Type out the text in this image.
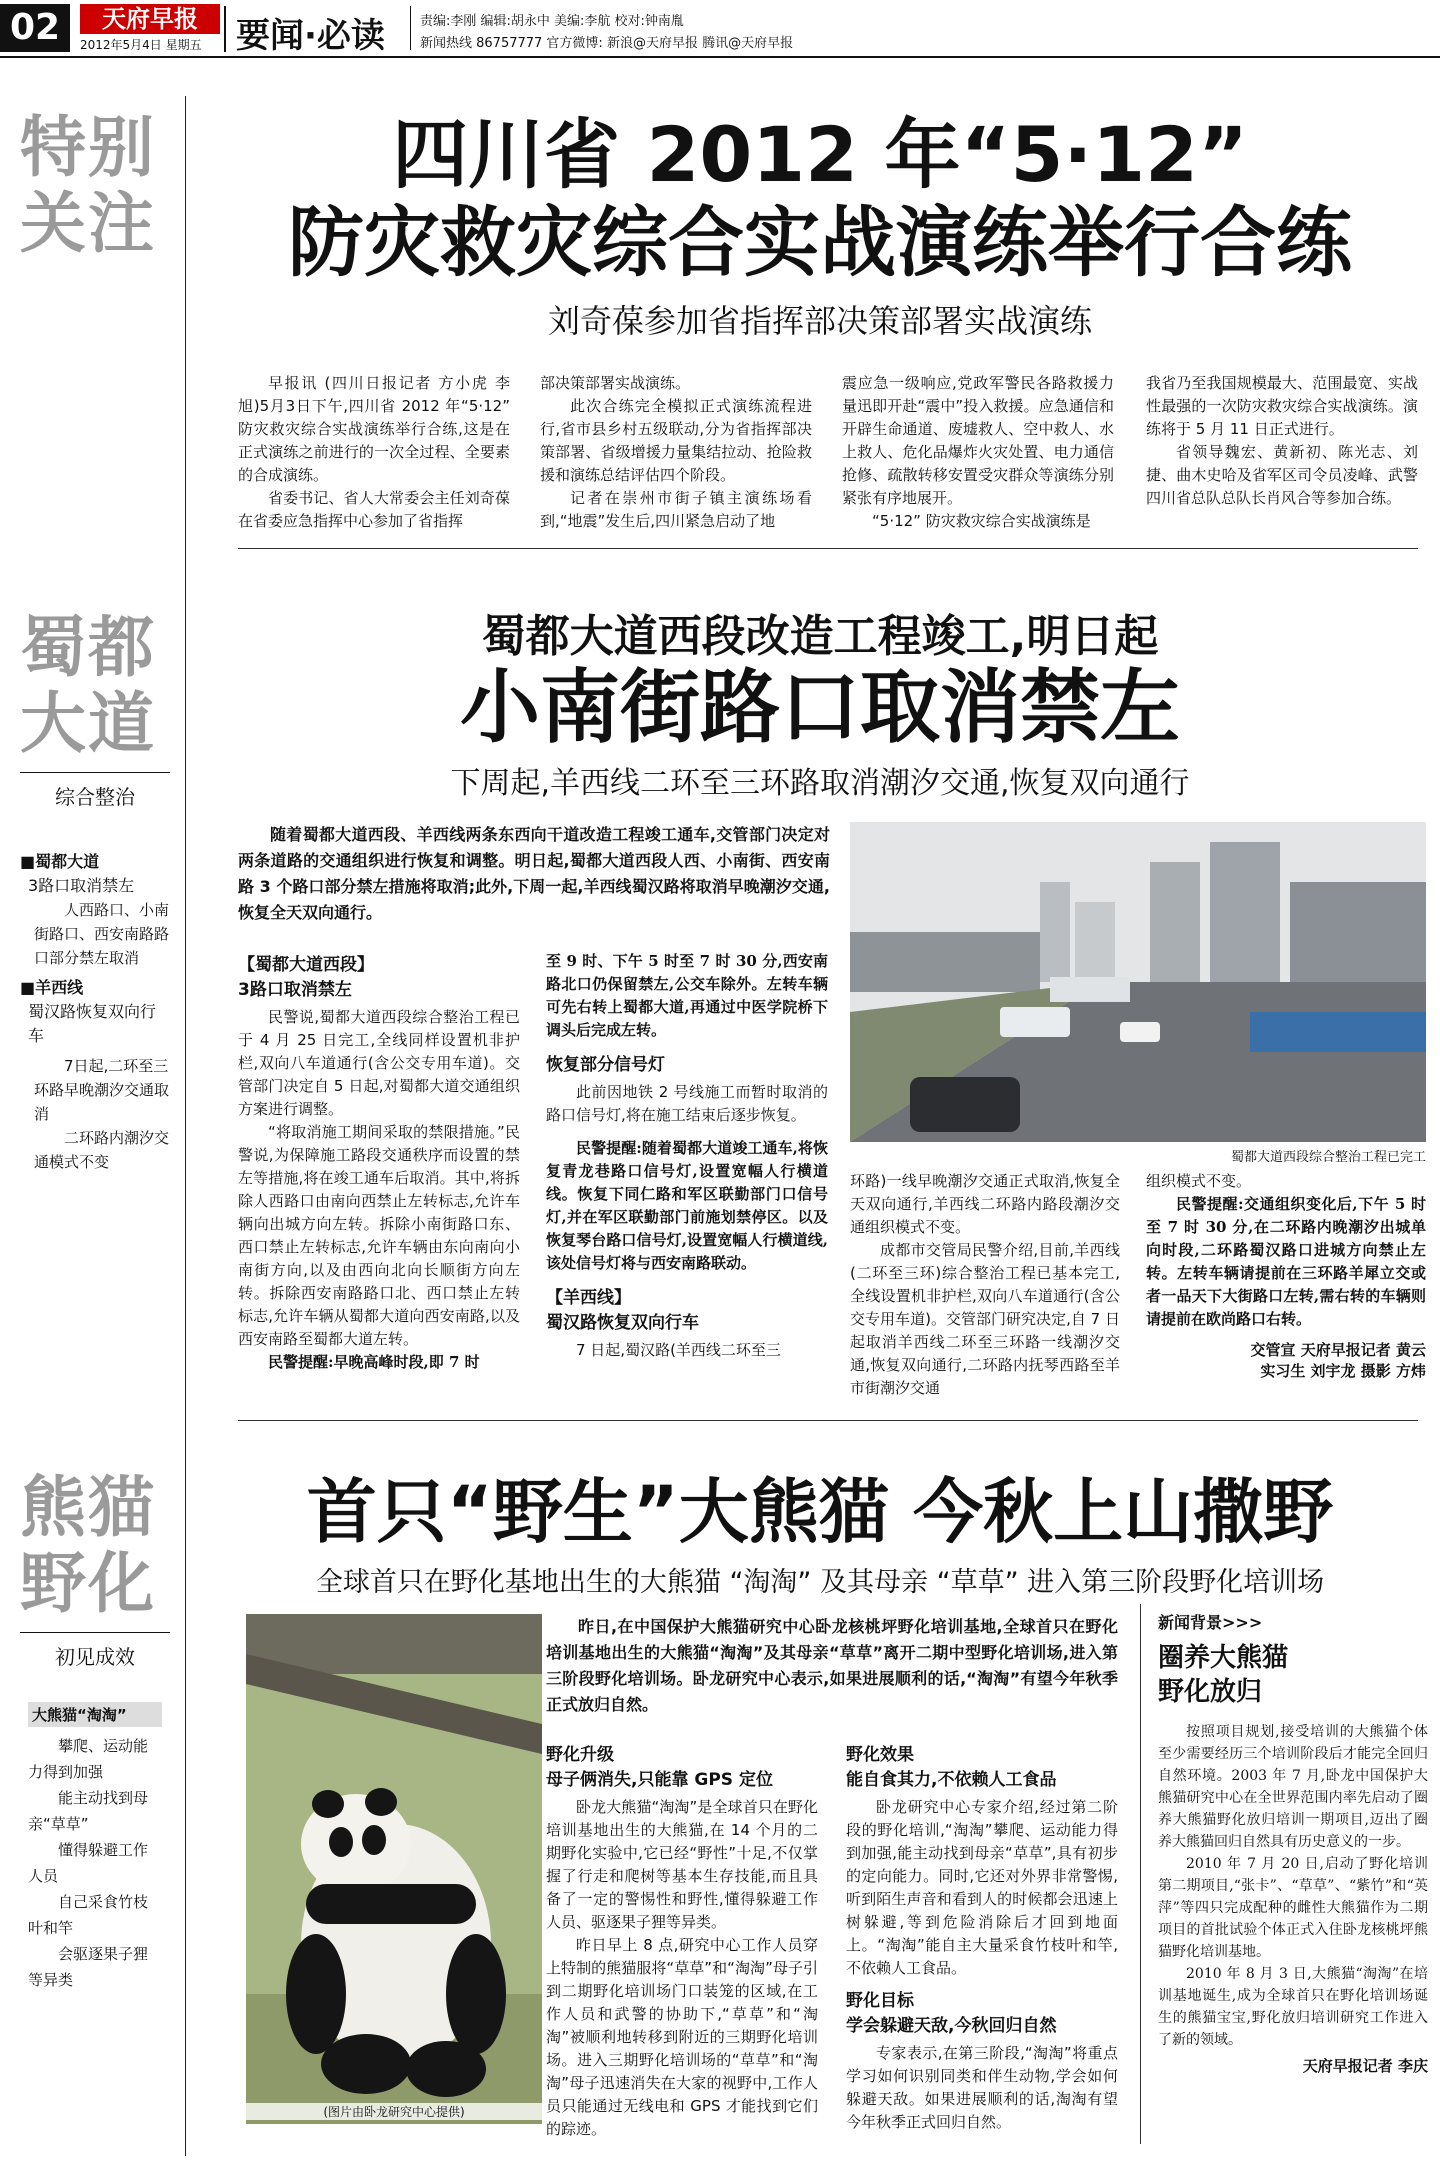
02	天府早报
2012年5月4日 星期五 要闻·必读	责编:李刚 编辑:胡永中 美编:李航 校对:钟南胤
新闻热线 86757777 官方微博: 新浪@天府早报 腾讯@天府早报
特别
关注
四川省 2012 年“5·12”
防灾救灾综合实战演练举行合练
刘奇葆参加省指挥部决策部署实战演练

早报讯 (四川日报记者 方小虎 李旭)5月3日下午,四川省 2012 年“5·12” 防灾救灾综合实战演练举行合练,这是在正式演练之前进行的一次全过程、全要素的合成演练。

省委书记、省人大常委会主任刘奇葆在省委应急指挥中心参加了省指挥

部决策部署实战演练。

此次合练完全模拟正式演练流程进行,省市县乡村五级联动,分为省指挥部决策部署、省级增援力量集结拉动、抢险救援和演练总结评估四个阶段。

记者在崇州市街子镇主演练场看到,“地震”发生后,四川紧急启动了地

震应急一级响应,党政军警民各路救援力量迅即开赴“震中”投入救援。应急通信和开辟生命通道、废墟救人、空中救人、水上救人、危化品爆炸火灾处置、电力通信抢修、疏散转移安置受灾群众等演练分别紧张有序地展开。

“5·12” 防灾救灾综合实战演练是

我省乃至我国规模最大、范围最宽、实战性最强的一次防灾救灾综合实战演练。演练将于 5 月 11 日正式进行。

省领导魏宏、黄新初、陈光志、刘捷、曲木史哈及省军区司令员凌峰、武警四川省总队总队长肖风合等参加合练。

蜀都
大道
综合整治
■蜀都大道
3路口取消禁左
人西路口、小南街路口、西安南路路口部分禁左取消
■羊西线
蜀汉路恢复双向行车
7日起,二环至三环路早晚潮汐交通取消
二环路内潮汐交通模式不变
蜀都大道西段改造工程竣工,明日起
小南街路口取消禁左
下周起,羊西线二环至三环路取消潮汐交通,恢复双向通行

随着蜀都大道西段、羊西线两条东西向干道改造工程竣工通车,交管部门决定对两条道路的交通组织进行恢复和调整。明日起,蜀都大道西段人西、小南街、西安南路 3 个路口部分禁左措施将取消;此外,下周一起,羊西线蜀汉路将取消早晚潮汐交通,恢复全天双向通行。

【蜀都大道西段】
3路口取消禁左

民警说,蜀都大道西段综合整治工程已于 4 月 25 日完工,全线同样设置机非护栏,双向八车道通行(含公交专用车道)。交管部门决定自 5 日起,对蜀都大道交通组织方案进行调整。

“将取消施工期间采取的禁限措施。”民警说,为保障施工路段交通秩序而设置的禁左等措施,将在竣工通车后取消。其中,将拆除人西路口由南向西禁止左转标志,允许车辆向出城方向左转。拆除小南街路口东、西口禁止左转标志,允许车辆由东向南向小南街方向,以及由西向北向长顺街方向左转。拆除西安南路路口北、西口禁止左转标志,允许车辆从蜀都大道向西安南路,以及西安南路至蜀都大道左转。

民警提醒:早晚高峰时段,即 7 时

至 9 时、下午 5 时至 7 时 30 分,西安南路北口仍保留禁左,公交车除外。左转车辆可先右转上蜀都大道,再通过中医学院桥下调头后完成左转。

恢复部分信号灯

此前因地铁 2 号线施工而暂时取消的路口信号灯,将在施工结束后逐步恢复。

民警提醒:随着蜀都大道竣工通车,将恢复青龙巷路口信号灯,设置宽幅人行横道线。恢复下同仁路和军区联勤部门口信号灯,并在军区联勤部门前施划禁停区。以及恢复琴台路口信号灯,设置宽幅人行横道线,该处信号灯将与西安南路联动。

【羊西线】
蜀汉路恢复双向行车

7 日起,蜀汉路(羊西线二环至三

蜀都大道西段综合整治工程已完工

环路)一线早晚潮汐交通正式取消,恢复全天双向通行,羊西线二环路内路段潮汐交通组织模式不变。

成都市交管局民警介绍,目前,羊西线(二环至三环)综合整治工程已基本完工,全线设置机非护栏,双向八车道通行(含公交专用车道)。交管部门研究决定,自 7 日起取消羊西线二环至三环路一线潮汐交通,恢复双向通行,二环路内抚琴西路至羊市街潮汐交通

组织模式不变。

民警提醒:交通组织变化后,下午 5 时至 7 时 30 分,在二环路内晚潮汐出城单向时段,二环路蜀汉路口进城方向禁止左转。左转车辆请提前在三环路羊犀立交或者一品天下大街路口左转,需右转的车辆则请提前在欧尚路口右转。

交管宣 天府早报记者 黄云
实习生 刘宇龙 摄影 方炜
熊猫
野化
初见成效
大熊猫“淘淘”
攀爬、运动能力得到加强
能主动找到母亲“草草”
懂得躲避工作人员
自己采食竹枝叶和竿
会驱逐果子狸等异类
首只“野生”大熊猫 今秋上山撒野
全球首只在野化基地出生的大熊猫 “淘淘” 及其母亲 “草草” 进入第三阶段野化培训场
(图片由卧龙研究中心提供)

昨日,在中国保护大熊猫研究中心卧龙核桃坪野化培训基地,全球首只在野化培训基地出生的大熊猫“淘淘”及其母亲“草草”离开二期中型野化培训场,进入第三阶段野化培训场。卧龙研究中心表示,如果进展顺利的话,“淘淘”有望今年秋季正式放归自然。

野化升级
母子俩消失,只能靠 GPS 定位

卧龙大熊猫“淘淘”是全球首只在野化培训基地出生的大熊猫,在 14 个月的二期野化实验中,它已经“野性”十足,不仅掌握了行走和爬树等基本生存技能,而且具备了一定的警惕性和野性,懂得躲避工作人员、驱逐果子狸等异类。

昨日早上 8 点,研究中心工作人员穿上特制的熊猫服将“草草”和“淘淘”母子引到二期野化培训场门口装笼的区域,在工作人员和武警的协助下,“草草”和“淘淘”被顺利地转移到附近的三期野化培训场。进入三期野化培训场的“草草”和“淘淘”母子迅速消失在大家的视野中,工作人员只能通过无线电和 GPS 才能找到它们的踪迹。

野化效果
能自食其力,不依赖人工食品

卧龙研究中心专家介绍,经过第二阶段的野化培训,“淘淘”攀爬、运动能力得到加强,能主动找到母亲“草草”,具有初步的定向能力。同时,它还对外界非常警惕,听到陌生声音和看到人的时候都会迅速上树躲避,等到危险消除后才回到地面上。“淘淘”能自主大量采食竹枝叶和竿,不依赖人工食品。

野化目标
学会躲避天敌,今秋回归自然

专家表示,在第三阶段,“淘淘”将重点学习如何识别同类和伴生动物,学会如何躲避天敌。如果进展顺利的话,淘淘有望今年秋季正式回归自然。

新闻背景>>>
圈养大熊猫
野化放归

按照项目规划,接受培训的大熊猫个体至少需要经历三个培训阶段后才能完全回归自然环境。2003 年 7 月,卧龙中国保护大熊猫研究中心在全世界范围内率先启动了圈养大熊猫野化放归培训一期项目,迈出了圈养大熊猫回归自然具有历史意义的一步。

2010 年 7 月 20 日,启动了野化培训第二期项目,“张卡”、“草草”、“紫竹”和“英萍”等四只完成配种的雌性大熊猫作为二期项目的首批试验个体正式入住卧龙核桃坪熊猫野化培训基地。

2010 年 8 月 3 日,大熊猫“淘淘”在培训基地诞生,成为全球首只在野化培训场诞生的熊猫宝宝,野化放归培训研究工作进入了新的领域。

天府早报记者 李庆
